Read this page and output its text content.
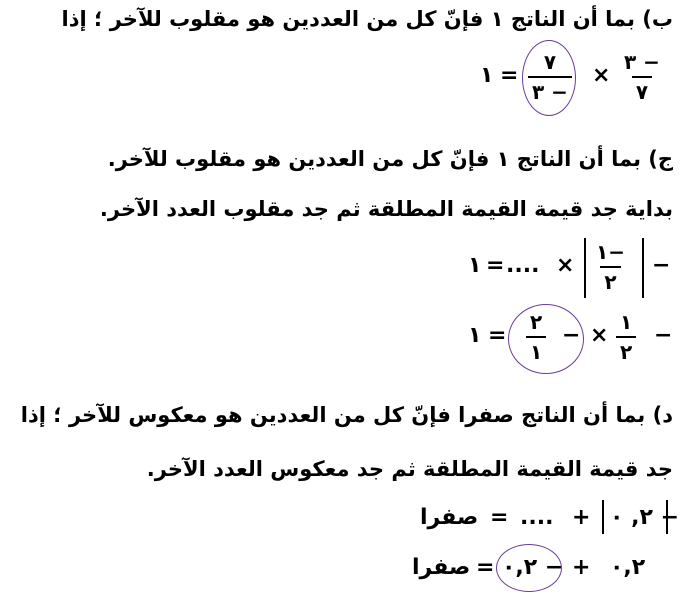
ب) بما أن الناتج ١ فإنّ كل من العددين هو مقلوب للآخر ؛ إذا
٣ −
٧
×
٧
٣ −
=
١
ج) بما أن الناتج ١ فإنّ كل من العددين هو مقلوب للآخر.
بداية جد قيمة القيمة المطلقة ثم جد مقلوب العدد الآخر.
−
١−
٢
×
....
=
١
−
١
٢
×
−
٢
١
=
١
د) بما أن الناتج صفرا فإنّ كل من العددين هو معكوس للآخر ؛ إذا
جد قيمة القيمة المطلقة ثم جد معكوس العدد الآخر.
− ٢, ٠
+
....
=
صفرا
٠,٢
+
− ٠,٢
=
صفرا
